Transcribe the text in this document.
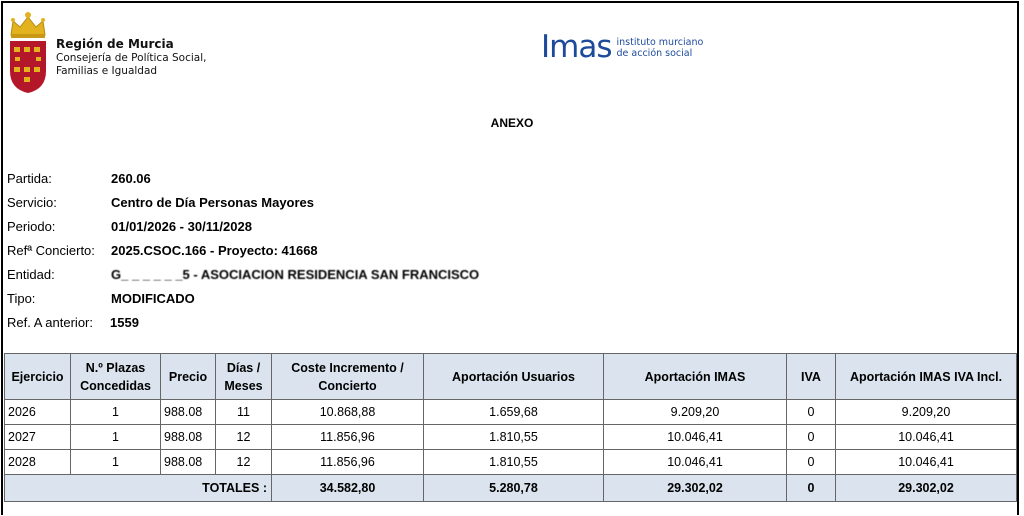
Región de Murcia
Consejería de Política Social,
Familias e Igualdad
Imas instituto murciano
de acción social
ANEXO
Partida:	260.06
Servicio:	Centro de Día Personas Mayores
Periodo:	01/01/2026 - 30/11/2028
Refª Concierto: 2025.CSOC.166 - Proyecto: 41668
Entidad:	G_ _ _ _ _ _5 - ASOCIACION RESIDENCIA SAN FRANCISCO
Tipo:	MODIFICADO
Ref. A anterior: 1559
Ejercicio	N.º Plazas Concedidas	Precio	Días / Meses	Coste Incremento / Concierto	Aportación Usuarios	Aportación IMAS	IVA	Aportación IMAS IVA Incl.
2026	1	988.08	11	10.868,88	1.659,68	9.209,20	0	9.209,20
2027	1	988.08	12	11.856,96	1.810,55	10.046,41	0	10.046,41
2028	1	988.08	12	11.856,96	1.810,55	10.046,41	0	10.046,41
TOTALES :				34.582,80	5.280,78	29.302,02	0	29.302,02
